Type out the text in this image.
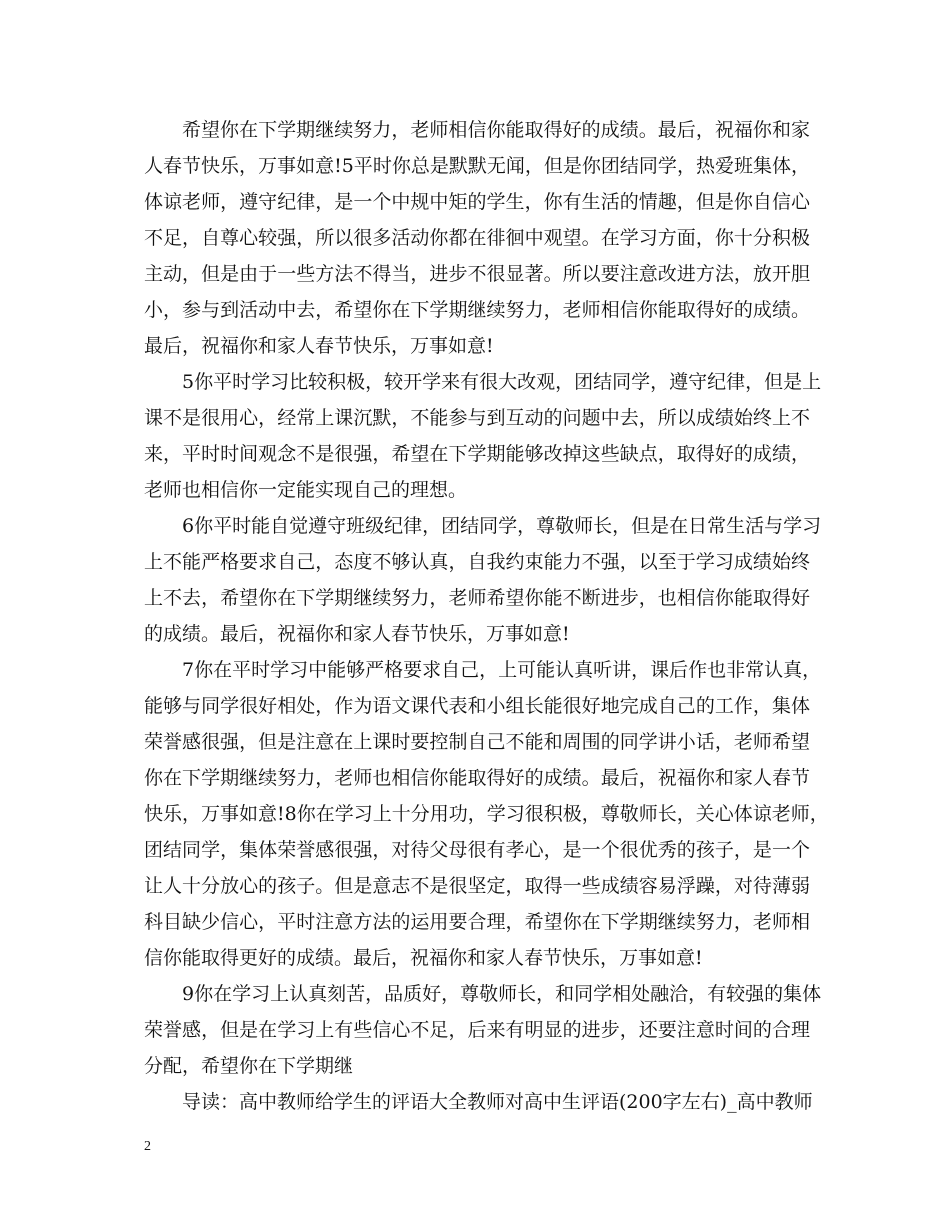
希望你在下学期继续努力，老师相信你能取得好的成绩。最后，祝福你和家
人春节快乐，万事如意!5平时你总是默默无闻，但是你团结同学，热爱班集体，
体谅老师，遵守纪律，是一个中规中矩的学生，你有生活的情趣，但是你自信心
不足，自尊心较强，所以很多活动你都在徘徊中观望。在学习方面，你十分积极
主动，但是由于一些方法不得当，进步不很显著。所以要注意改进方法，放开胆
小，参与到活动中去，希望你在下学期继续努力，老师相信你能取得好的成绩。
最后，祝福你和家人春节快乐，万事如意!
5你平时学习比较积极，较开学来有很大改观，团结同学，遵守纪律，但是上
课不是很用心，经常上课沉默，不能参与到互动的问题中去，所以成绩始终上不
来，平时时间观念不是很强，希望在下学期能够改掉这些缺点，取得好的成绩，
老师也相信你一定能实现自己的理想。
6你平时能自觉遵守班级纪律，团结同学，尊敬师长，但是在日常生活与学习
上不能严格要求自己，态度不够认真，自我约束能力不强，以至于学习成绩始终
上不去，希望你在下学期继续努力，老师希望你能不断进步，也相信你能取得好
的成绩。最后，祝福你和家人春节快乐，万事如意!
7你在平时学习中能够严格要求自己，上可能认真听讲，课后作也非常认真，
能够与同学很好相处，作为语文课代表和小组长能很好地完成自己的工作，集体
荣誉感很强，但是注意在上课时要控制自己不能和周围的同学讲小话，老师希望
你在下学期继续努力，老师也相信你能取得好的成绩。最后，祝福你和家人春节
快乐，万事如意!8你在学习上十分用功，学习很积极，尊敬师长，关心体谅老师，
团结同学，集体荣誉感很强，对待父母很有孝心，是一个很优秀的孩子，是一个
让人十分放心的孩子。但是意志不是很坚定，取得一些成绩容易浮躁，对待薄弱
科目缺少信心，平时注意方法的运用要合理，希望你在下学期继续努力，老师相
信你能取得更好的成绩。最后，祝福你和家人春节快乐，万事如意!
9你在学习上认真刻苦，品质好，尊敬师长，和同学相处融洽，有较强的集体
荣誉感，但是在学习上有些信心不足，后来有明显的进步，还要注意时间的合理
分配，希望你在下学期继
导读：高中教师给学生的评语大全教师对高中生评语(200字左右)_高中教师
2
